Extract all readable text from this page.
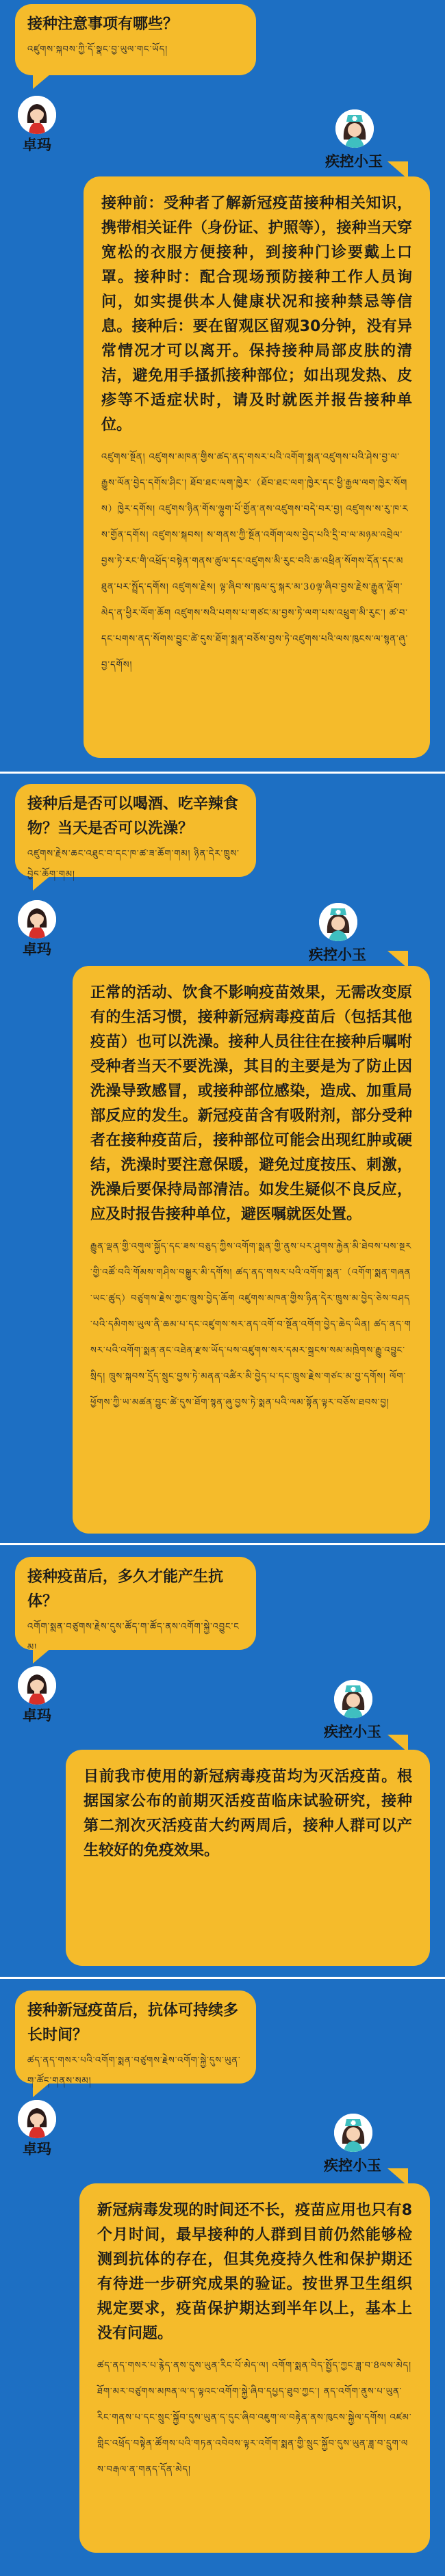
接种注意事项有哪些？
འཛུགས་སྐབས་ཀྱི་དོ་སྣང་བྱ་ཡུལ་གང་ཡོད།
卓玛
疾控小玉
接种前：受种者了解新冠疫苗接种相关知识，携带相关证件（身份证、护照等），接种当天穿宽松的衣服方便接种，到接种门诊要戴上口罩。接种时：配合现场预防接种工作人员询问，如实提供本人健康状况和接种禁忌等信息。接种后：要在留观区留观30分钟，没有异常情况才可以离开。保持接种局部皮肤的清洁，避免用手搔抓接种部位；如出现发热、皮疹等不适症状时，请及时就医并报告接种单位。
འཛུགས་སྔོན། འཛུགས་མཁན་གྱིས་ཚད་ནད་གསར་པའི་འགོག་སྨན་འཛུགས་པའི་ཤེས་བྱ་ལ་རྒྱུས་ལོན་བྱེད་དགོས་ཤིང་། ཐོབ་ཐང་ལག་ཁྱེར་（ཐོབ་ཐང་ལག་ཁྱེར་དང་ཕྱི་རྒྱལ་ལག་ཁྱེར་སོགས）ཁྱེར་དགོས། འཛུགས་ཉིན་གོས་ལྷུག་པོ་གྱོན་ནས་འཛུགས་བདེ་བར་བྱ། འཛུགས་ས་རུ་ཁ་རས་གྱོན་དགོས། འཛུགས་སྐབས། ས་གནས་ཀྱི་སྔོན་འགོག་ལས་བྱེད་པའི་དྲི་བ་ལ་མཉམ་འབྲེལ་བྱས་ཏེ་རང་གི་འཕྲོད་བསྟེན་གནས་ཚུལ་དང་འཛུགས་མི་རུང་བའི་ཆ་འཕྲིན་སོགས་དོན་དང་མཐུན་པར་སྤྲོད་དགོས། འཛུགས་རྗེས། ལྟ་ཞིབ་ས་ཁུལ་དུ་སྐར་མ་30ལྟ་ཞིབ་བྱས་རྗེས་རྒྱུན་ལྡོག་མེད་ན་ཕྱིར་ལོག་ཆོག འཛུགས་སའི་པགས་པ་གཙང་མ་བྱས་ཏེ་ལག་པས་འཕྲུག་མི་རུང་། ཚ་བ་དང་པགས་ནད་སོགས་བྱུང་ཚེ་དུས་ཐོག་སྨན་བཅོས་བྱས་ཏེ་འཛུགས་པའི་ལས་ཁུངས་ལ་སྙན་ཞུ་བྱ་དགོས།
接种后是否可以喝酒、吃辛辣食物？当天是否可以洗澡？
འཛུགས་རྗེས་ཆང་འཐུང་བ་དང་ཁ་ཚ་ཟ་ཆོག་གམ། ཉིན་དེར་ཁྲུས་བྱེད་ཆོག་གམ།
卓玛	疾控小玉
正常的活动、饮食不影响疫苗效果，无需改变原有的生活习惯，接种新冠病毒疫苗后（包括其他疫苗）也可以洗澡。接种人员往往在接种后嘱咐受种者当天不要洗澡，其目的主要是为了防止因洗澡导致感冒，或接种部位感染，造成、加重局部反应的发生。新冠疫苗含有吸附剂，部分受种者在接种疫苗后，接种部位可能会出现红肿或硬结，洗澡时要注意保暖，避免过度按压、刺激，洗澡后要保持局部清洁。如发生疑似不良反应，应及时报告接种单位，避医嘱就医处置。
རྒྱུན་ལྡན་གྱི་འགུལ་སྐྱོད་དང་ཟས་བཅུད་ཀྱིས་འགོག་སྨན་གྱི་ནུས་པར་ཤུགས་རྐྱེན་མི་ཐེབས་པས་སྔར་གྱི་འཚོ་བའི་གོམས་གཤིས་བསྒྱུར་མི་དགོས། ཚད་ནད་གསར་པའི་འགོག་སྨན་（འགོག་སྨན་གཞན་ཡང་ཚུད）བཙུགས་རྗེས་ཀྱང་ཁྲུས་བྱེད་ཆོག འཛུགས་མཁན་གྱིས་ཉིན་དེར་ཁྲུས་མ་བྱེད་ཅེས་བཤད་པའི་དམིགས་ཡུལ་ནི་ཆམ་པ་དང་འཛུགས་སར་ནད་འགོ་བ་སྔོན་འགོག་བྱེད་ཆེད་ཡིན། ཚད་ནད་གསར་པའི་འགོག་སྨན་ནང་འཐེན་རྫས་ཡོད་པས་འཛུགས་སར་དམར་སྐྲངས་སམ་མཁྲེགས་རྒྱུ་འབྱུང་སྲིད། ཁྲུས་སྐབས་དྲོད་སྲུང་བྱས་ཏེ་མནན་འཚིར་མི་བྱེད་པ་དང་ཁྲུས་རྗེས་གཙང་མ་བྱ་དགོས། ལོག་ཕྱོགས་ཀྱི་ཡ་མཚན་བྱུང་ཚེ་དུས་ཐོག་སྙན་ཞུ་བྱས་ཏེ་སྨན་པའི་ལམ་སྟོན་ལྟར་བཅོས་ཐབས་བྱ།
接种疫苗后，多久才能产生抗体？
འགོག་སྨན་བཙུགས་རྗེས་དུས་ཚོད་ག་ཚོད་ནས་འགོག་སྐྱེ་འབྱུང་ངམ།
卓玛
疾控小玉
目前我市使用的新冠病毒疫苗均为灭活疫苗。根据国家公布的前期灭活疫苗临床试验研究，接种第二剂次灭活疫苗大约两周后，接种人群可以产生较好的免疫效果。
接种新冠疫苗后，抗体可持续多长时间？
ཚད་ནད་གསར་པའི་འགོག་སྨན་བཙུགས་རྗེས་འགོག་སྐྱེ་དུས་ཡུན་ག་ཚོད་གནས་སམ།
卓玛
疾控小玉
新冠病毒发现的时间还不长，疫苗应用也只有8个月时间，最早接种的人群到目前仍然能够检测到抗体的存在，但其免疫持久性和保护期还有待进一步研究成果的验证。按世界卫生组织规定要求，疫苗保护期达到半年以上，基本上没有问题。
ཚད་ནད་གསར་པ་རྙེད་ནས་དུས་ཡུན་རིང་པོ་མེད་ལ། འགོག་སྨན་བེད་སྤྱོད་ཀྱང་ཟླ་བ་8ལས་མེད། ཐོག་མར་བཙུགས་མཁན་ལ་ད་ལྟའང་འགོག་སྐྱེ་ཞིབ་དཔྱད་ཐུབ་ཀྱང་། ནད་འགོག་ནུས་པ་ཡུན་རིང་གནས་པ་དང་སྲུང་སྐྱོབ་དུས་ཡུན་ད་དུང་ཞིབ་འཇུག་ལ་བརྟེན་ནས་ཁུངས་སྐྱེལ་དགོས། འཛམ་གླིང་འཕྲོད་བསྟེན་ཚོགས་པའི་གཏན་འབེབས་ལྟར་འགོག་སྨན་གྱི་སྲུང་སྐྱོབ་དུས་ཡུན་ཟླ་བ་དྲུག་ལས་བརྒལ་ན་གནད་དོན་མེད།
